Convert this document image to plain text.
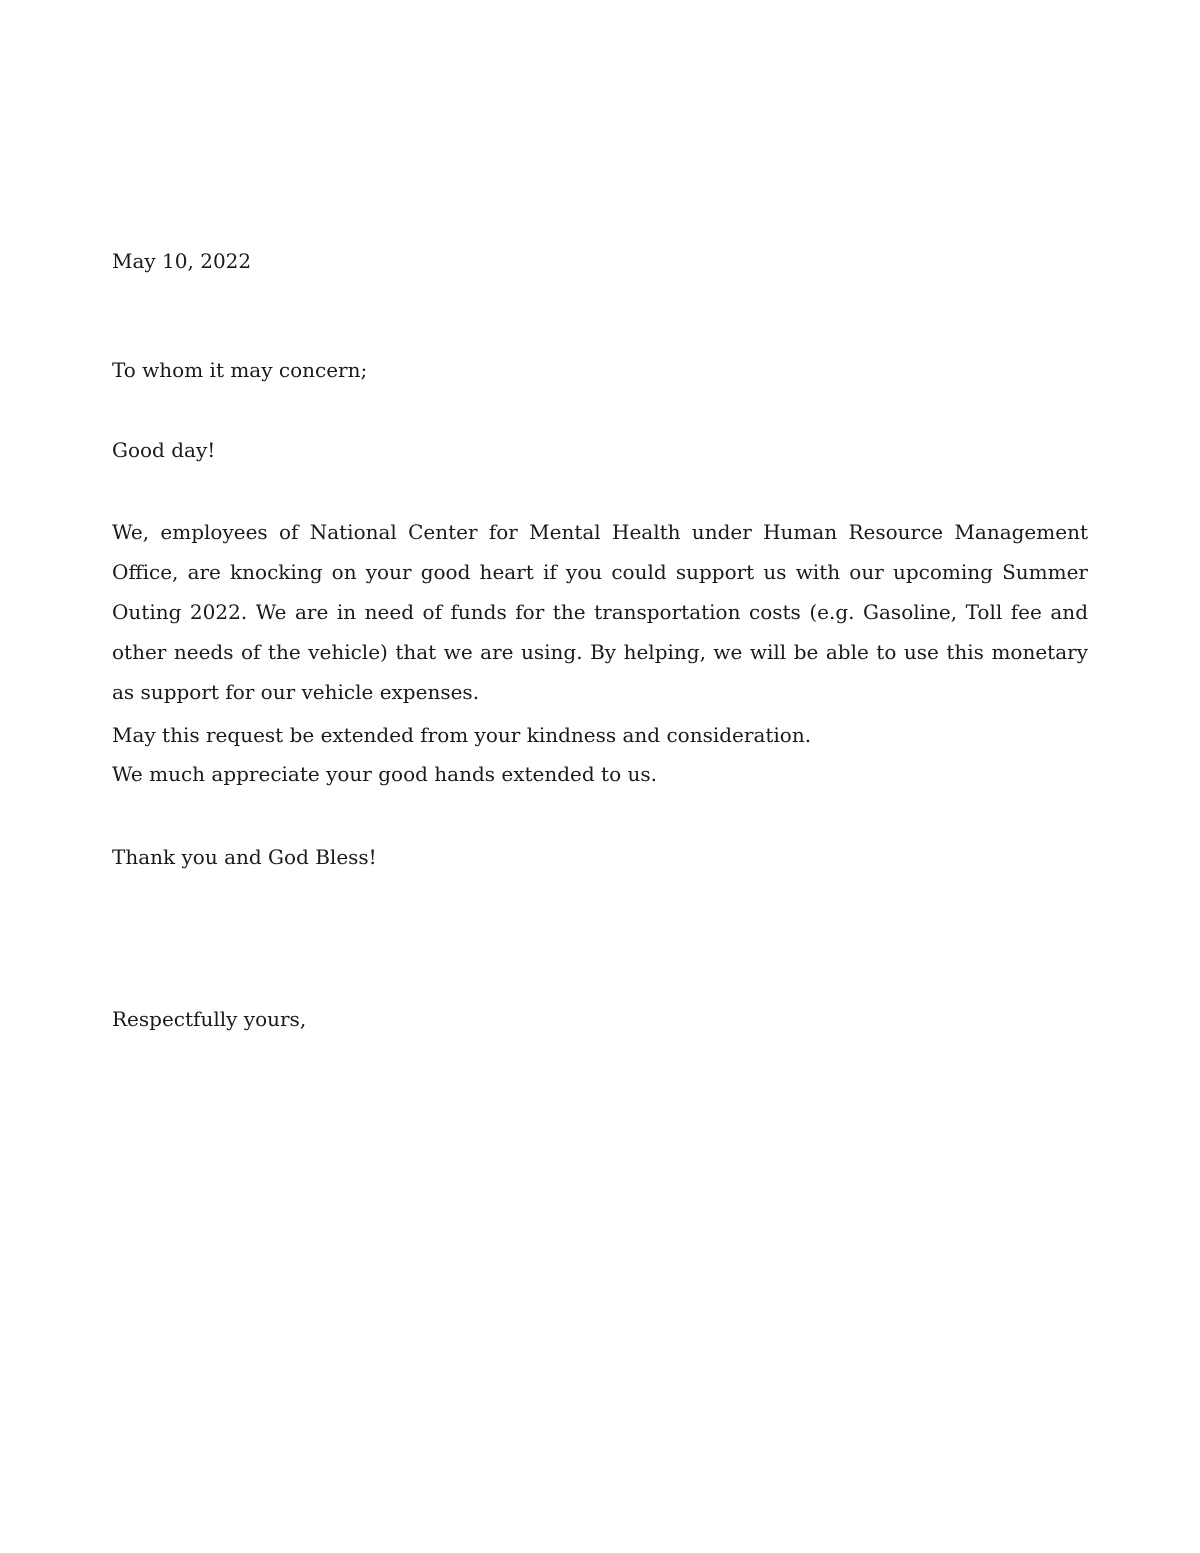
May 10, 2022

To whom it may concern;

Good day!

We, employees of National Center for Mental Health under Human Resource Management Office, are knocking on your good heart if you could support us with our upcoming Summer Outing 2022. We are in need of funds for the transportation costs (e.g. Gasoline, Toll fee and other needs of the vehicle) that we are using. By helping, we will be able to use this monetary as support for our vehicle expenses.

May this request be extended from your kindness and consideration.
We much appreciate your good hands extended to us.

Thank you and God Bless!

Respectfully yours,
